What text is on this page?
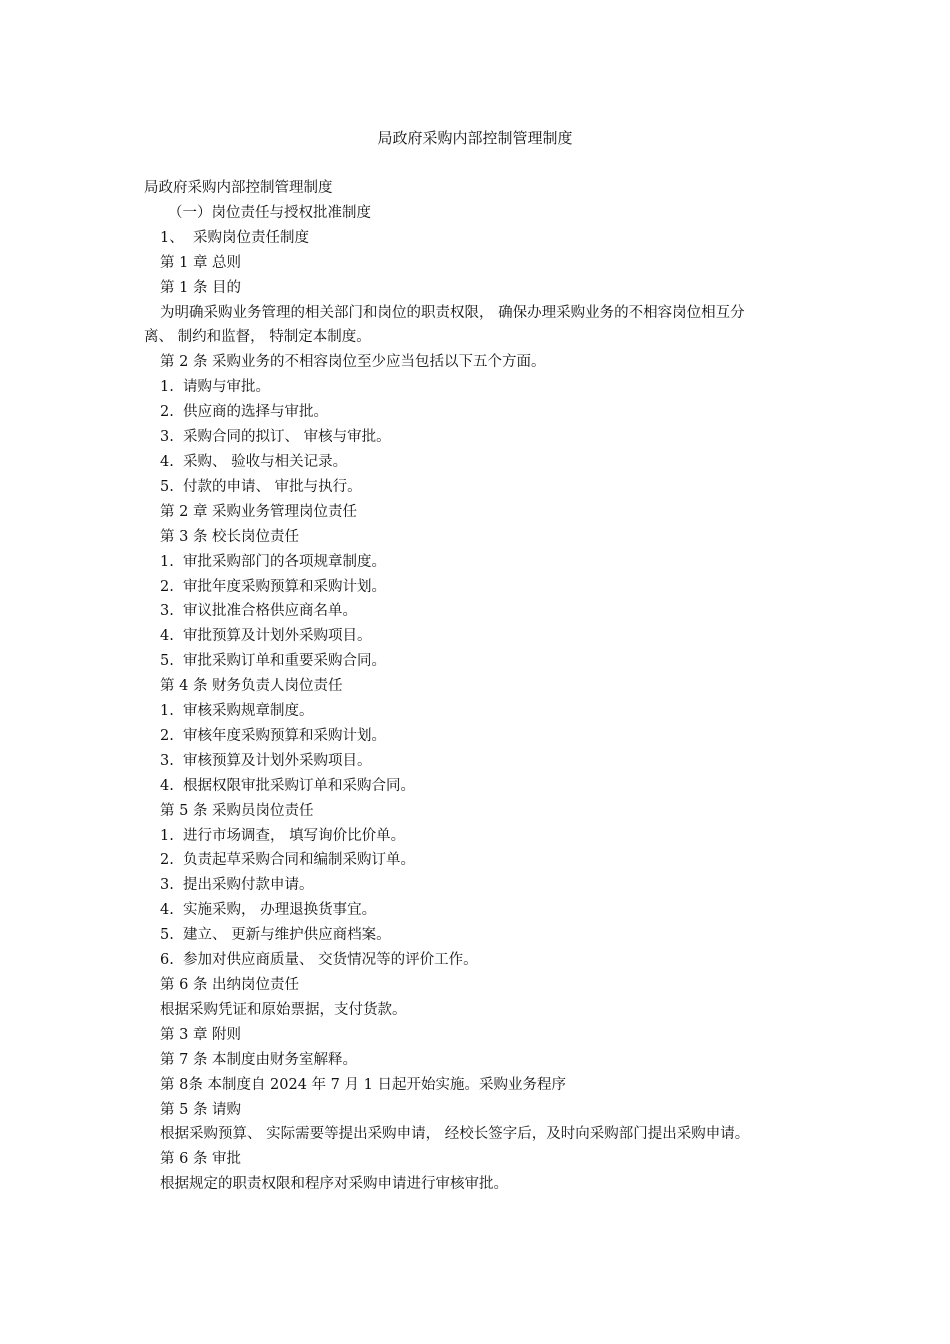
局政府采购内部控制管理制度

局政府采购内部控制管理制度

（一）岗位责任与授权批准制度

1、  采购岗位责任制度

第 1 章 总则

第 1 条 目的

为明确采购业务管理的相关部门和岗位的职责权限， 确保办理采购业务的不相容岗位相互分

离、 制约和监督， 特制定本制度。

第 2 条 采购业务的不相容岗位至少应当包括以下五个方面。

1.  请购与审批。

2.  供应商的选择与审批。

3.  采购合同的拟订、 审核与审批。

4.  采购、 验收与相关记录。

5.  付款的申请、 审批与执行。

第 2 章 采购业务管理岗位责任

第 3 条 校长岗位责任

1.  审批采购部门的各项规章制度。

2.  审批年度采购预算和采购计划。

3.  审议批准合格供应商名单。

4.  审批预算及计划外采购项目。

5.  审批采购订单和重要采购合同。

第 4 条 财务负责人岗位责任

1.  审核采购规章制度。

2.  审核年度采购预算和采购计划。

3.  审核预算及计划外采购项目。

4.  根据权限审批采购订单和采购合同。

第 5 条 采购员岗位责任

1.  进行市场调查， 填写询价比价单。

2.  负责起草采购合同和编制采购订单。

3.  提出采购付款申请。

4.  实施采购， 办理退换货事宜。

5.  建立、 更新与维护供应商档案。

6.  参加对供应商质量、 交货情况等的评价工作。

第 6 条 出纳岗位责任

根据采购凭证和原始票据，支付货款。

第 3 章 附则

第 7 条 本制度由财务室解释。

第 8条 本制度自 2024 年 7 月 1 日起开始实施。采购业务程序

第 5 条 请购

根据采购预算、 实际需要等提出采购申请， 经校长签字后，及时向采购部门提出采购申请。

第 6 条 审批

根据规定的职责权限和程序对采购申请进行审核审批。
